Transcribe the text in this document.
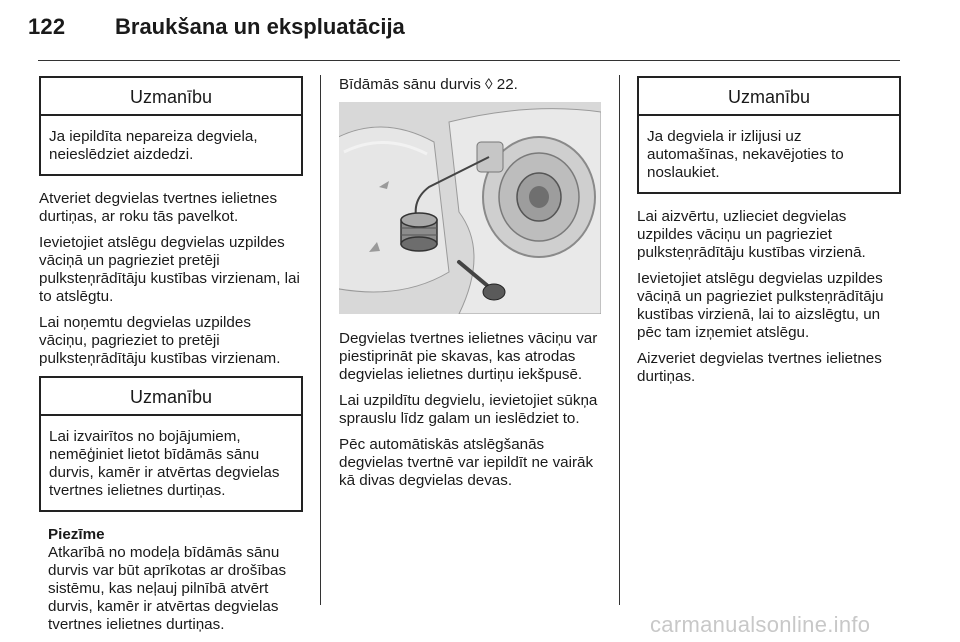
122 Braukšana un ekspluatācija
Uzmanību
Ja iepildīta nepareiza degviela, neieslēdziet aizdedzi.

Atveriet degvielas tvertnes ielietnes durtiņas, ar roku tās pavelkot.

Ievietojiet atslēgu degvielas uzpildes vāciņā un pagrieziet pretēji pulksteņrādītāju kustības virzienam, lai to atslēgtu.

Lai noņemtu degvielas uzpildes vāciņu, pagrieziet to pretēji pulksteņrādītāju kustības virzienam.

Uzmanību
Lai izvairītos no bojājumiem, nemēģiniet lietot bīdāmās sānu durvis, kamēr ir atvērtas degvielas tvertnes ielietnes durtiņas.
Piezīme
Atkarībā no modeļa bīdāmās sānu durvis var būt aprīkotas ar drošības sistēmu, kas neļauj pilnībā atvērt durvis, kamēr ir atvērtas degvielas tvertnes ielietnes durtiņas.

Bīdāmās sānu durvis ◊ 22.

Degvielas tvertnes ielietnes vāciņu var piestiprināt pie skavas, kas atrodas degvielas ielietnes durtiņu iekšpusē.

Lai uzpildītu degvielu, ievietojiet sūkņa sprauslu līdz galam un ieslēdziet to.

Pēc automātiskās atslēgšanās degvielas tvertnē var iepildīt ne vairāk kā divas degvielas devas.

Uzmanību
Ja degviela ir izlijusi uz automašīnas, nekavējoties to noslaukiet.

Lai aizvērtu, uzlieciet degvielas uzpildes vāciņu un pagrieziet pulksteņrādītāju kustības virzienā.

Ievietojiet atslēgu degvielas uzpildes vāciņā un pagrieziet pulksteņrādītāju kustības virzienā, lai to aizslēgtu, un pēc tam izņemiet atslēgu.

Aizveriet degvielas tvertnes ielietnes durtiņas.

carmanualsonline.info
